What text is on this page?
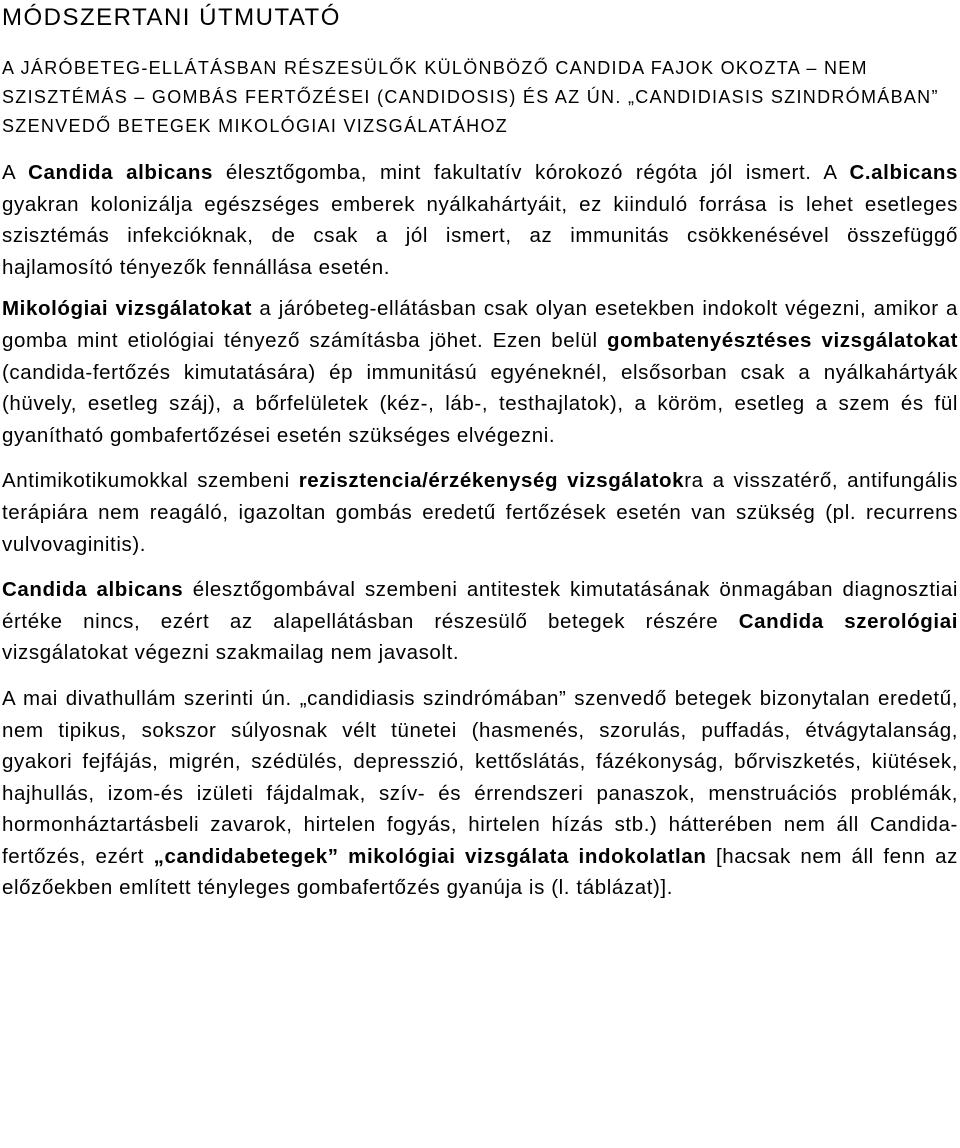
MÓDSZERTANI ÚTMUTATÓ
A JÁRÓBETEG-ELLÁTÁSBAN RÉSZESÜLŐK KÜLÖNBÖZŐ CANDIDA FAJOK OKOZTA – NEM SZISZTÉMÁS – GOMBÁS FERTŐZÉSEI (CANDIDOSIS) ÉS AZ ÚN. „CANDIDIASIS SZINDRÓMÁBAN” SZENVEDŐ BETEGEK MIKOLÓGIAI VIZSGÁLATÁHOZ

A Candida albicans élesztőgomba, mint fakultatív kórokozó régóta jól ismert. A C.albicans gyakran kolonizálja egészséges emberek nyálkahártyáit, ez kiinduló forrása is lehet esetleges szisztémás infekcióknak, de csak a jól ismert, az immunitás csökkenésével összefüggő hajlamosító tényezők fennállása esetén.

Mikológiai vizsgálatokat a járóbeteg-ellátásban csak olyan esetekben indokolt végezni, amikor a gomba mint etiológiai tényező számításba jöhet. Ezen belül gombatenyésztéses vizsgálatokat (candida-fertőzés kimutatására) ép immunitású egyéneknél, elsősorban csak a nyálkahártyák (hüvely, esetleg száj), a bőrfelületek (kéz-, láb-, testhajlatok), a köröm, esetleg a szem és fül gyanítható gombafertőzései esetén szükséges elvégezni.

Antimikotikumokkal szembeni rezisztencia/érzékenység vizsgálatokra a visszatérő, antifungális terápiára nem reagáló, igazoltan gombás eredetű fertőzések esetén van szükség (pl. recurrens vulvovaginitis).

Candida albicans élesztőgombával szembeni antitestek kimutatásának önmagában diagnosztiai értéke nincs, ezért az alapellátásban részesülő betegek részére Candida szerológiai vizsgálatokat végezni szakmailag nem javasolt.

A mai divathullám szerinti ún. „candidiasis szindrómában” szenvedő betegek bizonytalan eredetű, nem tipikus, sokszor súlyosnak vélt tünetei (hasmenés, szorulás, puffadás, étvágytalanság, gyakori fejfájás, migrén, szédülés, depresszió, kettőslátás, fázékonyság, bőrviszketés, kiütések, hajhullás, izom-és izületi fájdalmak, szív- és érrendszeri panaszok, menstruációs problémák, hormonháztartásbeli zavarok, hirtelen fogyás, hirtelen hízás stb.) hátterében nem áll Candida-fertőzés, ezért „candidabetegek” mikológiai vizsgálata indokolatlan [hacsak nem áll fenn az előzőekben említett tényleges gombafertőzés gyanúja is (l. táblázat)].
